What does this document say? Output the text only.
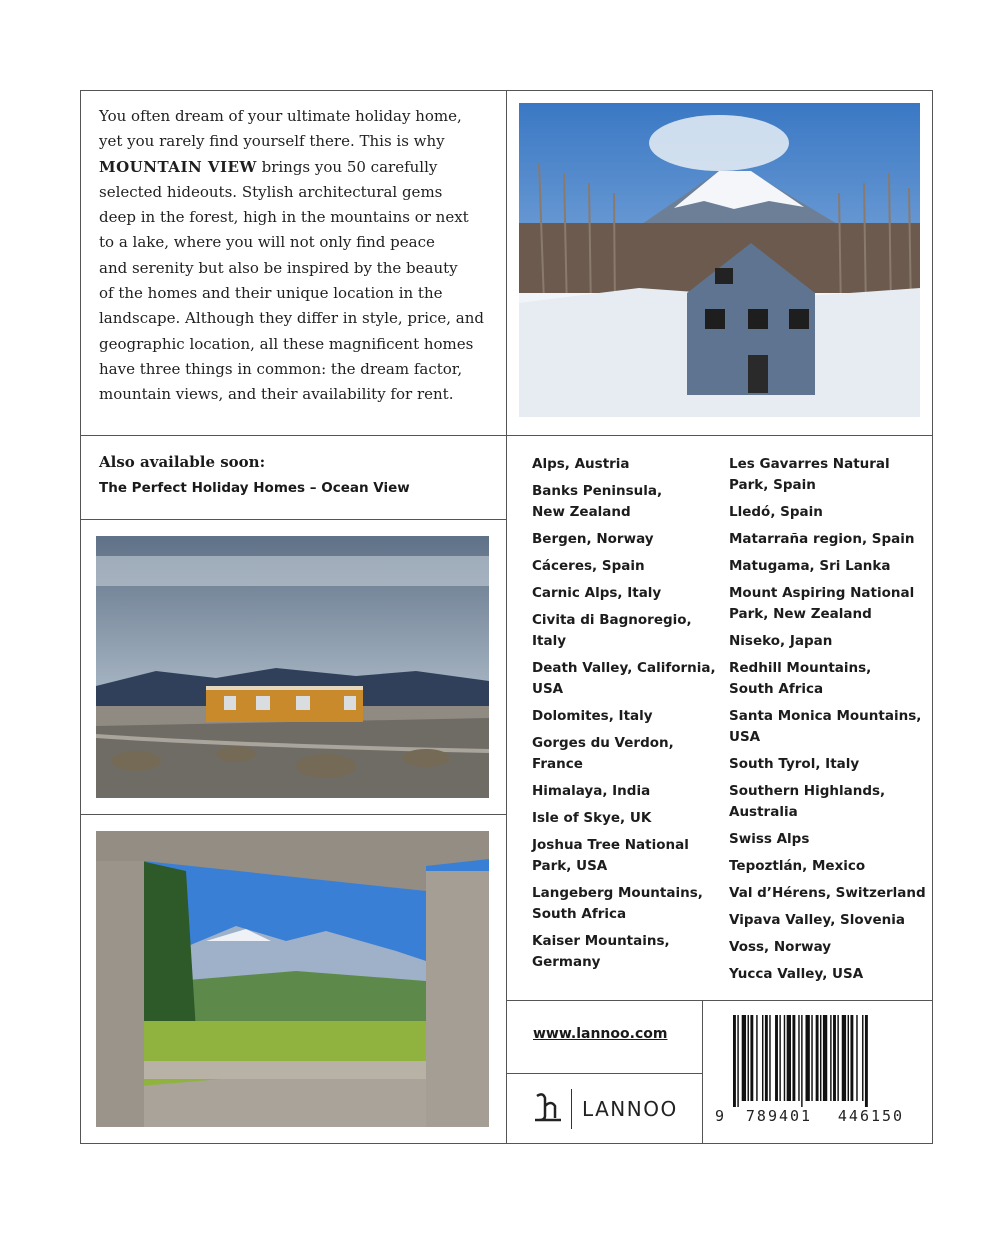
You often dream of your ultimate holiday home,
yet you rarely find yourself there. This is why
MOUNTAIN VIEW brings you 50 carefully
selected hideouts. Stylish architectural gems
deep in the forest, high in the mountains or next
to a lake, where you will not only find peace
and serenity but also be inspired by the beauty
of the homes and their unique location in the
landscape. Although they differ in style, price, and
geographic location, all these magnificent homes
have three things in common: the dream factor,
mountain views, and their availability for rent.
Also available soon:
The Perfect Holiday Homes – Ocean View
Alps, Austria
Banks Peninsula,
New Zealand
Bergen, Norway
Cáceres, Spain
Carnic Alps, Italy
Civita di Bagnoregio,
Italy
Death Valley, California,
USA
Dolomites, Italy
Gorges du Verdon,
France
Himalaya, India
Isle of Skye, UK
Joshua Tree National
Park, USA
Langeberg Mountains,
South Africa
Kaiser Mountains,
Germany
Les Gavarres Natural
Park, Spain
Lledó, Spain
Matarraña region, Spain
Matugama, Sri Lanka
Mount Aspiring National
Park, New Zealand
Niseko, Japan
Redhill Mountains,
South Africa
Santa Monica Mountains,
USA
South Tyrol, Italy
Southern Highlands,
Australia
Swiss Alps
Tepoztlán, Mexico
Val d’Hérens, Switzerland
Vipava Valley, Slovenia
Voss, Norway
Yucca Valley, USA
www.lannoo.com
LANNOO 9	789401	446150
